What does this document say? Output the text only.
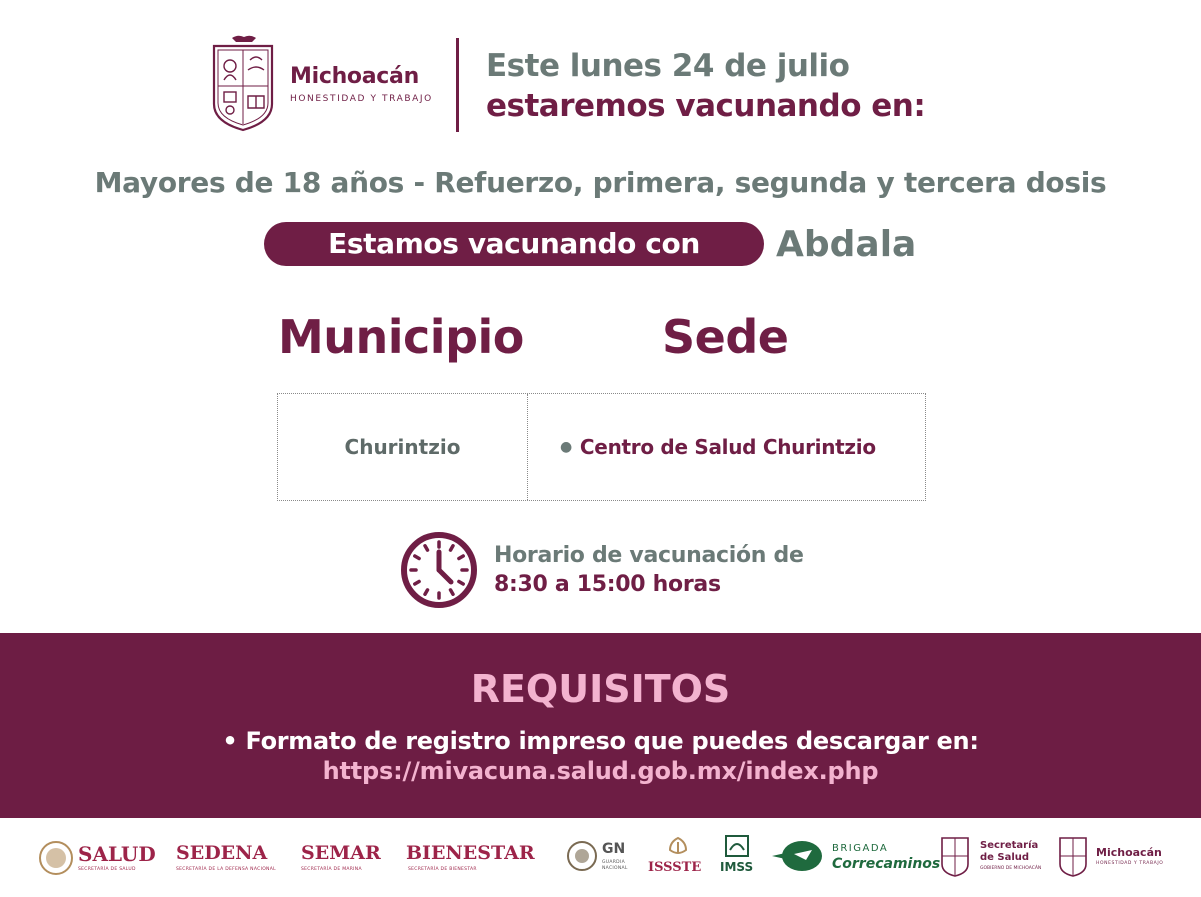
Michoacán
HONESTIDAD Y TRABAJO
Este lunes 24 de julio
estaremos vacunando en:
Mayores de 18 años - Refuerzo, primera, segunda y tercera dosis
Estamos vacunando con	Abdala
Municipio	Sede
Churintzio	● Centro de Salud Churintzio
Horario de vacunación de
8:30 a 15:00 horas
REQUISITOS
• Formato de registro impreso que puedes descargar en:
https://mivacuna.salud.gob.mx/index.php
SALUD
SECRETARÍA DE SALUD
SEDENA
SECRETARÍA DE LA DEFENSA NACIONAL
SEMAR
SECRETARÍA DE MARINA
BIENESTAR
SECRETARÍA DE BIENESTAR
GN
GUARDIA
NACIONAL ISSSTE IMSS
BRIGADA
Correcaminos
Secretaría
de Salud
GOBIERNO DE MICHOACÁN
Michoacán
HONESTIDAD Y TRABAJO
